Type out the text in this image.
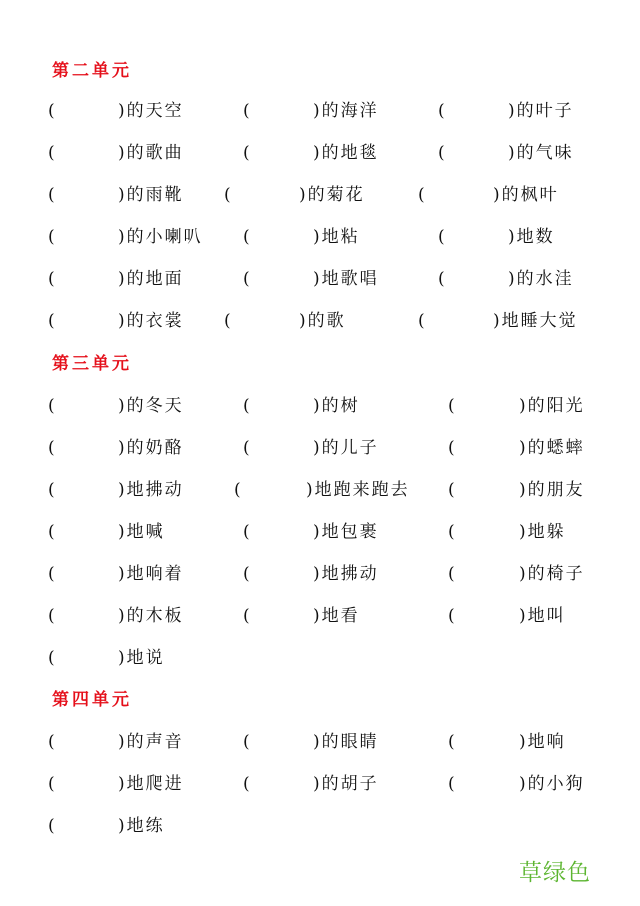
第二单元
(	)的天空	(	)的海洋	(	)的叶子
(	)的歌曲	(	)的地毯	(	)的气味
(	)的雨靴 (	)的菊花	(	)的枫叶
(	)的小喇叭 (	)地粘	(	)地数
(	)的地面	(	)地歌唱	(	)的水洼
(	)的衣裳 (	)的歌	(	)地睡大觉
第三单元
(	)的冬天	(	)的树	(	)的阳光
(	)的奶酪	(	)的儿子	(	)的蟋蟀
(	)地拂动	(	)地跑来跑去 (	)的朋友
(	)地喊	(	)地包裹	(	)地躲
(	)地响着	(	)地拂动	(	)的椅子
(	)的木板	(	)地看	(	)地叫
(	)地说
第四单元
(	)的声音	(	)的眼睛	(	)地响
(	)地爬进	(	)的胡子	(	)的小狗
(	)地练
草绿色
